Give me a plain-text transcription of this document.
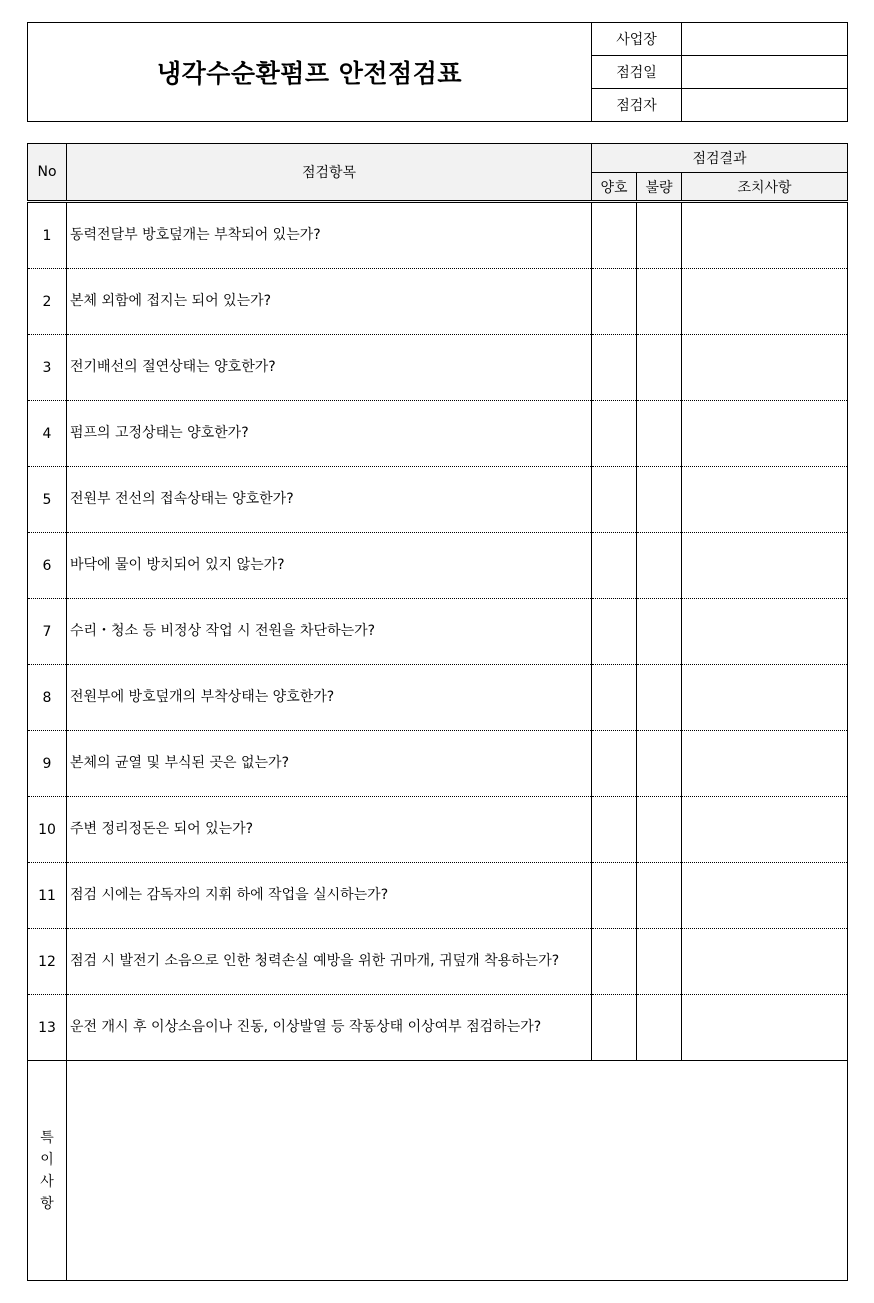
냉각수순환펌프 안전점검표	사업장	
	점검일	
	점검자	
No	점검항목	점검결과		
		양호	불량	조치사항
1	동력전달부 방호덮개는 부착되어 있는가?			
2	본체 외함에 접지는 되어 있는가?			
3	전기배선의 절연상태는 양호한가?			
4	펌프의 고정상태는 양호한가?			
5	전원부 전선의 접속상태는 양호한가?			
6	바닥에 물이 방치되어 있지 않는가?			
7	수리・청소 등 비정상 작업 시 전원을 차단하는가?			
8	전원부에 방호덮개의 부착상태는 양호한가?			
9	본체의 균열 및 부식된 곳은 없는가?			
10	주변 정리정돈은 되어 있는가?			
11	점검 시에는 감독자의 지휘 하에 작업을 실시하는가?			
12	점검 시 발전기 소음으로 인한 청력손실 예방을 위한 귀마개, 귀덮개 착용하는가?			
13	운전 개시 후 이상소음이나 진동, 이상발열 등 작동상태 이상여부 점검하는가?			
특
이
사
항				
